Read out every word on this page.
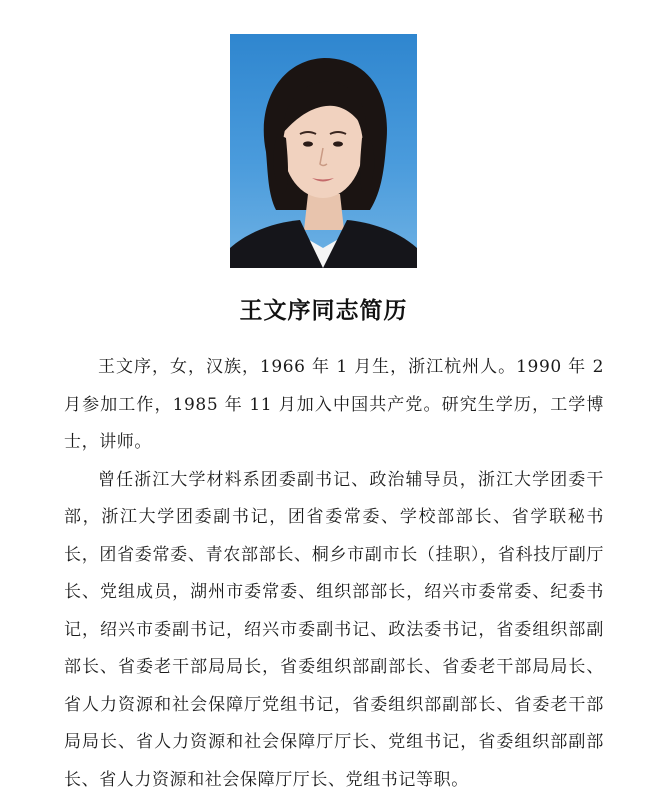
王文序同志简历

王文序，女，汉族，1966 年 1 月生，浙江杭州人。1990 年 2 月参加工作，1985 年 11 月加入中国共产党。研究生学历，工学博士，讲师。

曾任浙江大学材料系团委副书记、政治辅导员，浙江大学团委干部，浙江大学团委副书记，团省委常委、学校部部长、省学联秘书长，团省委常委、青农部部长、桐乡市副市长（挂职），省科技厅副厅长、党组成员，湖州市委常委、组织部部长，绍兴市委常委、纪委书记，绍兴市委副书记，绍兴市委副书记、政法委书记，省委组织部副部长、省委老干部局局长，省委组织部副部长、省委老干部局局长、省人力资源和社会保障厅党组书记，省委组织部副部长、省委老干部局局长、省人力资源和社会保障厅厅长、党组书记，省委组织部副部长、省人力资源和社会保障厅厅长、党组书记等职。
